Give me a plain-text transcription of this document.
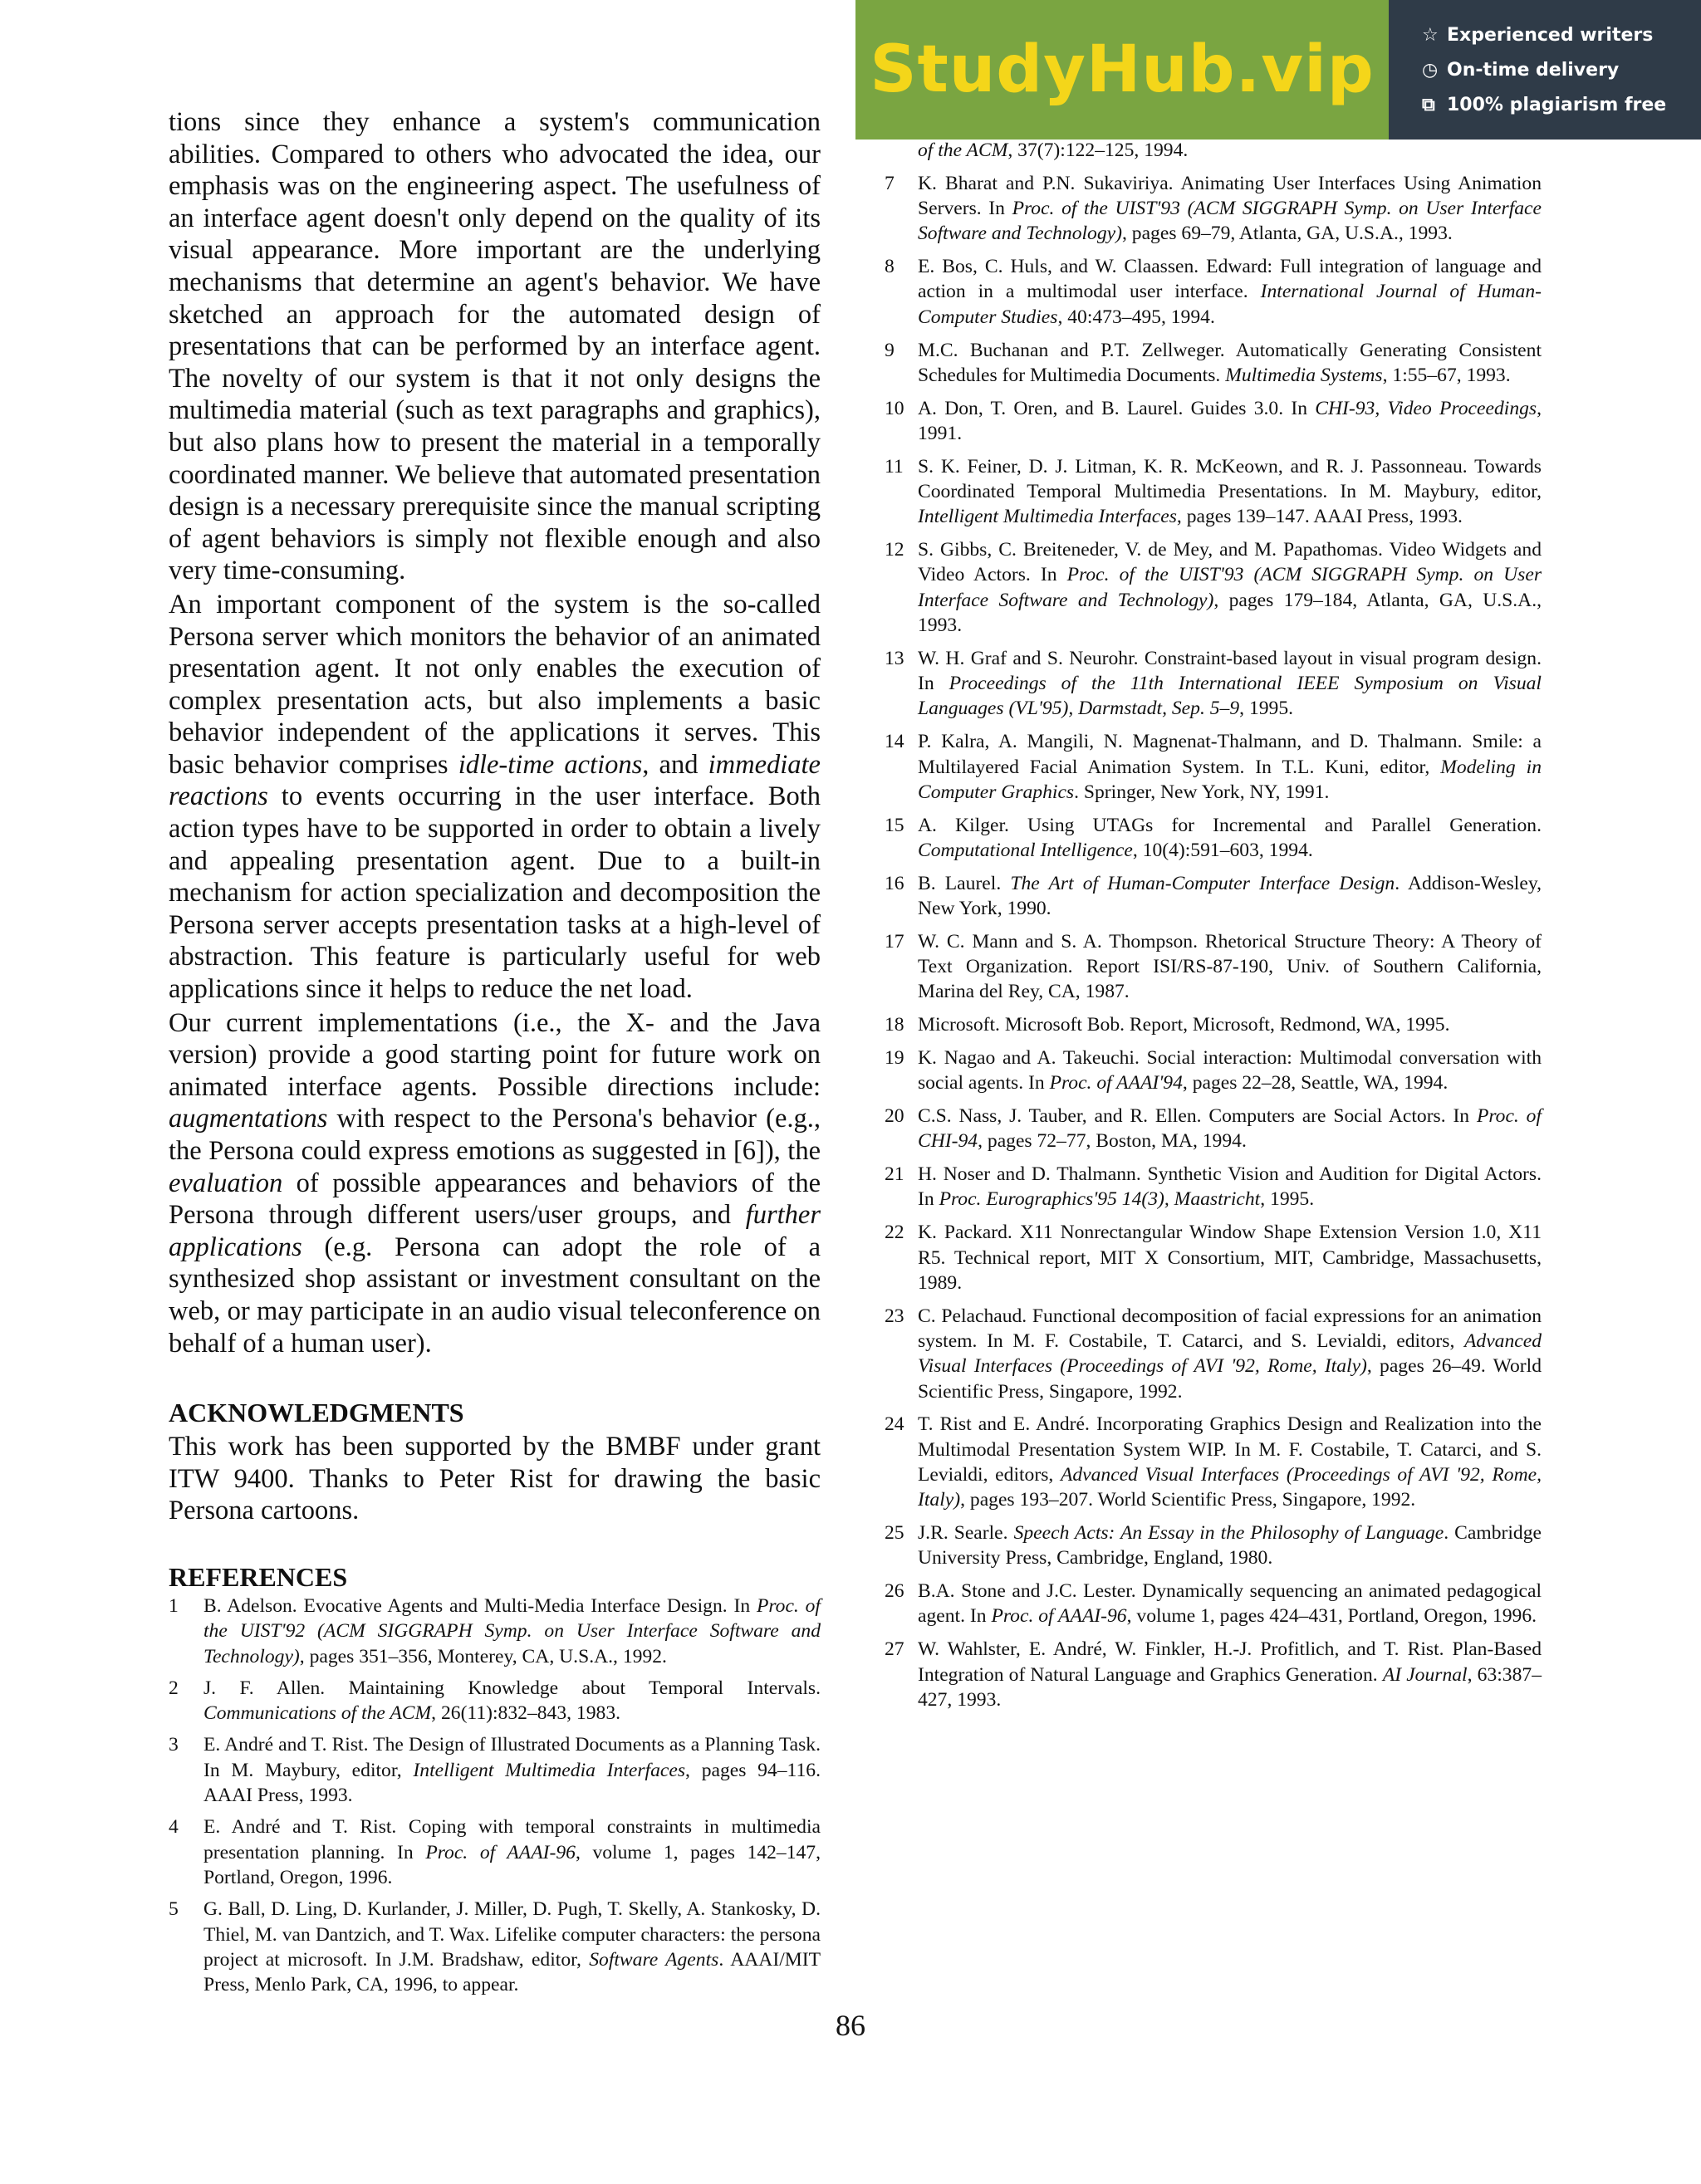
tions since they enhance a system's communication abilities. Compared to others who advocated the idea, our emphasis was on the engineering aspect. The usefulness of an interface agent doesn't only depend on the quality of its visual appearance. More important are the underlying mechanisms that determine an agent's behavior. We have sketched an approach for the automated design of presentations that can be performed by an interface agent. The novelty of our system is that it not only designs the multimedia material (such as text paragraphs and graphics), but also plans how to present the material in a temporally coordinated manner. We believe that automated presentation design is a necessary prerequisite since the manual scripting of agent behaviors is simply not flexible enough and also very time-consuming.

An important component of the system is the so-called Persona server which monitors the behavior of an animated presentation agent. It not only enables the execution of complex presentation acts, but also implements a basic behavior independent of the applications it serves. This basic behavior comprises idle-time actions, and immediate reactions to events occurring in the user interface. Both action types have to be supported in order to obtain a lively and appealing presentation agent. Due to a built-in mechanism for action specialization and decomposition the Persona server accepts presentation tasks at a high-level of abstraction. This feature is particularly useful for web applications since it helps to reduce the net load.

Our current implementations (i.e., the X- and the Java version) provide a good starting point for future work on animated interface agents. Possible directions include: augmentations with respect to the Persona's behavior (e.g., the Persona could express emotions as suggested in [6]), the evaluation of possible appearances and behaviors of the Persona through different users/user groups, and further applications (e.g. Persona can adopt the role of a synthesized shop assistant or investment consultant on the web, or may participate in an audio visual teleconference on behalf of a human user).

ACKNOWLEDGMENTS

This work has been supported by the BMBF under grant ITW 9400. Thanks to Peter Rist for drawing the basic Persona cartoons.

REFERENCES
1 B. Adelson. Evocative Agents and Multi-Media Interface Design. In Proc. of the UIST'92 (ACM SIGGRAPH Symp. on User Interface Software and Technology), pages 351–356, Monterey, CA, U.S.A., 1992.
2 J. F. Allen. Maintaining Knowledge about Temporal Intervals. Communications of the ACM, 26(11):832–843, 1983.
3 E. André and T. Rist. The Design of Illustrated Documents as a Planning Task. In M. Maybury, editor, Intelligent Multimedia Interfaces, pages 94–116. AAAI Press, 1993.
4 E. André and T. Rist. Coping with temporal constraints in multimedia presentation planning. In Proc. of AAAI-96, volume 1, pages 142–147, Portland, Oregon, 1996.
5 G. Ball, D. Ling, D. Kurlander, J. Miller, D. Pugh, T. Skelly, A. Stankosky, D. Thiel, M. van Dantzich, and T. Wax. Lifelike computer characters: the persona project at microsoft. In J.M. Bradshaw, editor, Software Agents. AAAI/MIT Press, Menlo Park, CA, 1996, to appear.
of the ACM, 37(7):122–125, 1994.
7 K. Bharat and P.N. Sukaviriya. Animating User Interfaces Using Animation Servers. In Proc. of the UIST'93 (ACM SIGGRAPH Symp. on User Interface Software and Technology), pages 69–79, Atlanta, GA, U.S.A., 1993.
8 E. Bos, C. Huls, and W. Claassen. Edward: Full integration of language and action in a multimodal user interface. International Journal of Human-Computer Studies, 40:473–495, 1994.
9 M.C. Buchanan and P.T. Zellweger. Automatically Generating Consistent Schedules for Multimedia Documents. Multimedia Systems, 1:55–67, 1993.
10 A. Don, T. Oren, and B. Laurel. Guides 3.0. In CHI-93, Video Proceedings, 1991.
11 S. K. Feiner, D. J. Litman, K. R. McKeown, and R. J. Passonneau. Towards Coordinated Temporal Multimedia Presentations. In M. Maybury, editor, Intelligent Multimedia Interfaces, pages 139–147. AAAI Press, 1993.
12 S. Gibbs, C. Breiteneder, V. de Mey, and M. Papathomas. Video Widgets and Video Actors. In Proc. of the UIST'93 (ACM SIGGRAPH Symp. on User Interface Software and Technology), pages 179–184, Atlanta, GA, U.S.A., 1993.
13 W. H. Graf and S. Neurohr. Constraint-based layout in visual program design. In Proceedings of the 11th International IEEE Symposium on Visual Languages (VL'95), Darmstadt, Sep. 5–9, 1995.
14 P. Kalra, A. Mangili, N. Magnenat-Thalmann, and D. Thalmann. Smile: a Multilayered Facial Animation System. In T.L. Kuni, editor, Modeling in Computer Graphics. Springer, New York, NY, 1991.
15 A. Kilger. Using UTAGs for Incremental and Parallel Generation. Computational Intelligence, 10(4):591–603, 1994.
16 B. Laurel. The Art of Human-Computer Interface Design. Addison-Wesley, New York, 1990.
17 W. C. Mann and S. A. Thompson. Rhetorical Structure Theory: A Theory of Text Organization. Report ISI/RS-87-190, Univ. of Southern California, Marina del Rey, CA, 1987.
18 Microsoft. Microsoft Bob. Report, Microsoft, Redmond, WA, 1995.
19 K. Nagao and A. Takeuchi. Social interaction: Multimodal conversation with social agents. In Proc. of AAAI'94, pages 22–28, Seattle, WA, 1994.
20 C.S. Nass, J. Tauber, and R. Ellen. Computers are Social Actors. In Proc. of CHI-94, pages 72–77, Boston, MA, 1994.
21 H. Noser and D. Thalmann. Synthetic Vision and Audition for Digital Actors. In Proc. Eurographics'95 14(3), Maastricht, 1995.
22 K. Packard. X11 Nonrectangular Window Shape Extension Version 1.0, X11 R5. Technical report, MIT X Consortium, MIT, Cambridge, Massachusetts, 1989.
23 C. Pelachaud. Functional decomposition of facial expressions for an animation system. In M. F. Costabile, T. Catarci, and S. Levialdi, editors, Advanced Visual Interfaces (Proceedings of AVI '92, Rome, Italy), pages 26–49. World Scientific Press, Singapore, 1992.
24 T. Rist and E. André. Incorporating Graphics Design and Realization into the Multimodal Presentation System WIP. In M. F. Costabile, T. Catarci, and S. Levialdi, editors, Advanced Visual Interfaces (Proceedings of AVI '92, Rome, Italy), pages 193–207. World Scientific Press, Singapore, 1992.
25 J.R. Searle. Speech Acts: An Essay in the Philosophy of Language. Cambridge University Press, Cambridge, England, 1980.
26 B.A. Stone and J.C. Lester. Dynamically sequencing an animated pedagogical agent. In Proc. of AAAI-96, volume 1, pages 424–431, Portland, Oregon, 1996.
27 W. Wahlster, E. André, W. Finkler, H.-J. Profitlich, and T. Rist. Plan-Based Integration of Natural Language and Graphics Generation. AI Journal, 63:387–427, 1993.
86
StudyHub.vip	☆ Experienced writers
◷ On-time delivery
⧉ 100% plagiarism free
